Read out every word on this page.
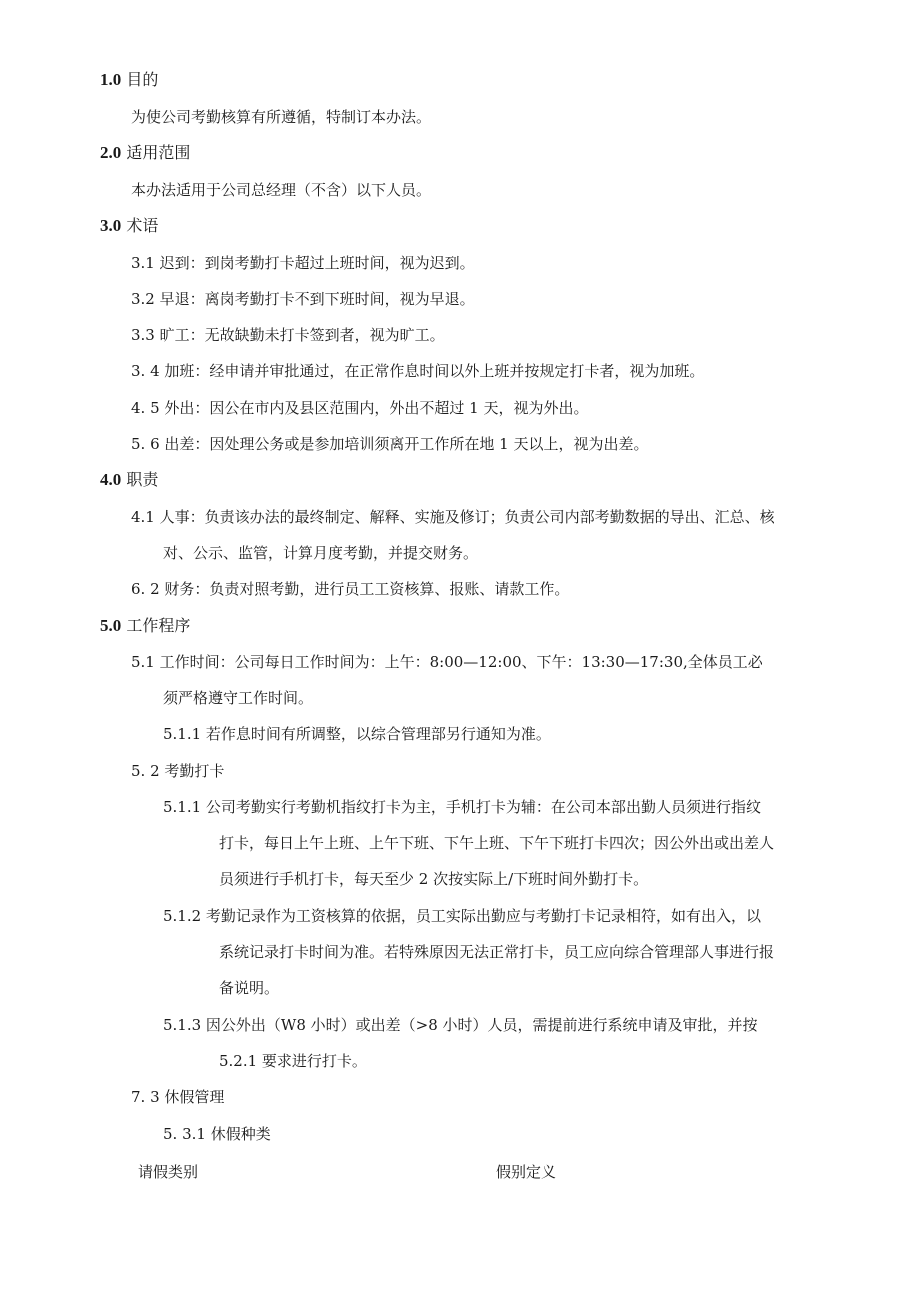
1.0 目的
为使公司考勤核算有所遵循，特制订本办法。
2.0 适用范围
本办法适用于公司总经理（不含）以下人员。
3.0 术语
3.1 迟到：到岗考勤打卡超过上班时间，视为迟到。
3.2 早退：离岗考勤打卡不到下班时间，视为早退。
3.3 旷工：无故缺勤未打卡签到者，视为旷工。
3. 4 加班：经申请并审批通过，在正常作息时间以外上班并按规定打卡者，视为加班。
4. 5 外出：因公在市内及县区范围内，外出不超过 1 天，视为外出。
5. 6 出差：因处理公务或是参加培训须离开工作所在地 1 天以上，视为出差。
4.0 职责
4.1 人事：负责该办法的最终制定、解释、实施及修订；负责公司内部考勤数据的导出、汇总、核
对、公示、监管，计算月度考勤，并提交财务。
6. 2 财务：负责对照考勤，进行员工工资核算、报账、请款工作。
5.0 工作程序
5.1 工作时间：公司每日工作时间为：上午：8:00—12:00、下午：13:30—17:30,全体员工必
须严格遵守工作时间。
5.1.1 若作息时间有所调整，以综合管理部另行通知为准。
5. 2 考勤打卡
5.1.1 公司考勤实行考勤机指纹打卡为主，手机打卡为辅：在公司本部出勤人员须进行指纹
打卡，每日上午上班、上午下班、下午上班、下午下班打卡四次；因公外出或出差人
员须进行手机打卡，每天至少 2 次按实际上/下班时间外勤打卡。
5.1.2 考勤记录作为工资核算的依据，员工实际出勤应与考勤打卡记录相符，如有出入，以
系统记录打卡时间为准。若特殊原因无法正常打卡，员工应向综合管理部人事进行报
备说明。
5.1.3 因公外出（W8 小时）或出差（>8 小时）人员，需提前进行系统申请及审批，并按
5.2.1 要求进行打卡。
7. 3 休假管理
5. 3.1 休假种类
请假类别	假别定义
